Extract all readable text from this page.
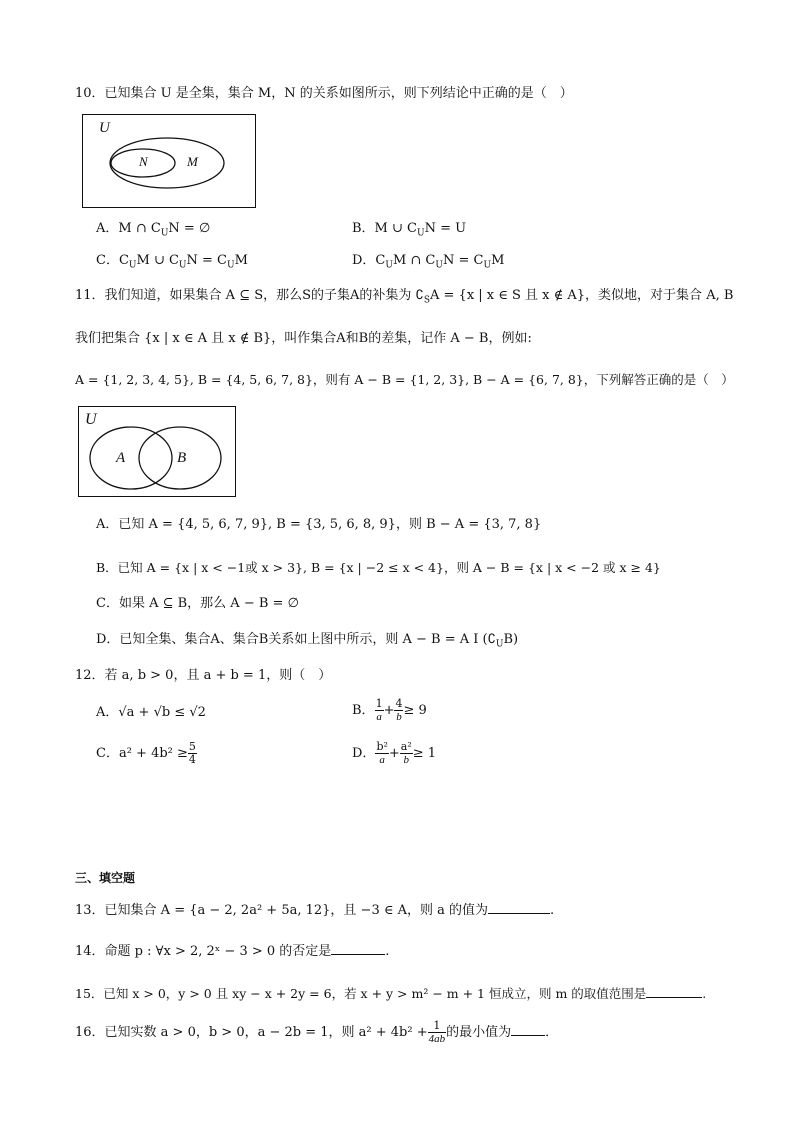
10．已知集合 U 是全集，集合 M，N 的关系如图所示，则下列结论中正确的是（　）
U
N	M
A．M ∩ $C_UN$ = ∅	B．M ∪ $C_UN = U$
C．$C_UM$ ∪ $C_UN = C_UM$	D．$C_UM$ ∩ $C_UN = C_UM$
11．我们知道，如果集合 A ⊆ S，那么S的子集A的补集为 $∁_SA = \{x$ | x ∈ S 且 x ∉ A}，类似地，对于集合 A, B
我们把集合 {x | x ∈ A 且 x ∉ B}，叫作集合A和B的差集，记作 A − B，例如:
A = {1, 2, 3, 4, 5}, B = {4, 5, 6, 7, 8}，则有 A − B = {1, 2, 3}, B − A = {6, 7, 8}，下列解答正确的是（　）
U
A	B
A．已知 A = {4, 5, 6, 7, 9}, B = {3, 5, 6, 8, 9}，则 B − A = {3, 7, 8}
B．已知 A = {x | x < −1或 x > 3}, B = {x | −2 ≤ x < 4}，则 A − B = {x | x < −2 或 x ≥ 4}
C．如果 A ⊆ B，那么 A − B = ∅
D．已知全集、集合A、集合B关系如上图中所示，则 A − B = A I $(∁_UB)$
12．若 a, b > 0，且 a + b = 1，则（　）
A．√a + √b ≤ √2	B． $\frac{1}{a} + \frac{4}{b} \ge 9$
C．$a^2 + 4b^2 \ge \frac{5}{4}$	D． $\frac{\text{b²}}{a} + \frac{\text{a²}}{b} \ge 1$
三、填空题
13．已知集合 A = {a − 2, 2a² + 5a, 12}，且 −3 ∈ A，则 a 的值为	.
14．命题 p : ∀x > 2, 2ˣ − 3 > 0 的否定是	.
15．已知 x > 0，y > 0 且 xy − x + 2y = 6，若 x + y > m² − m + 1 恒成立，则 m 的取值范围是	.
16．已知实数 a > 0，b > 0，a − 2b = 1，则 $a^2 + 4b^2 + \frac{1}{4ab}$ 的最小值为	．
